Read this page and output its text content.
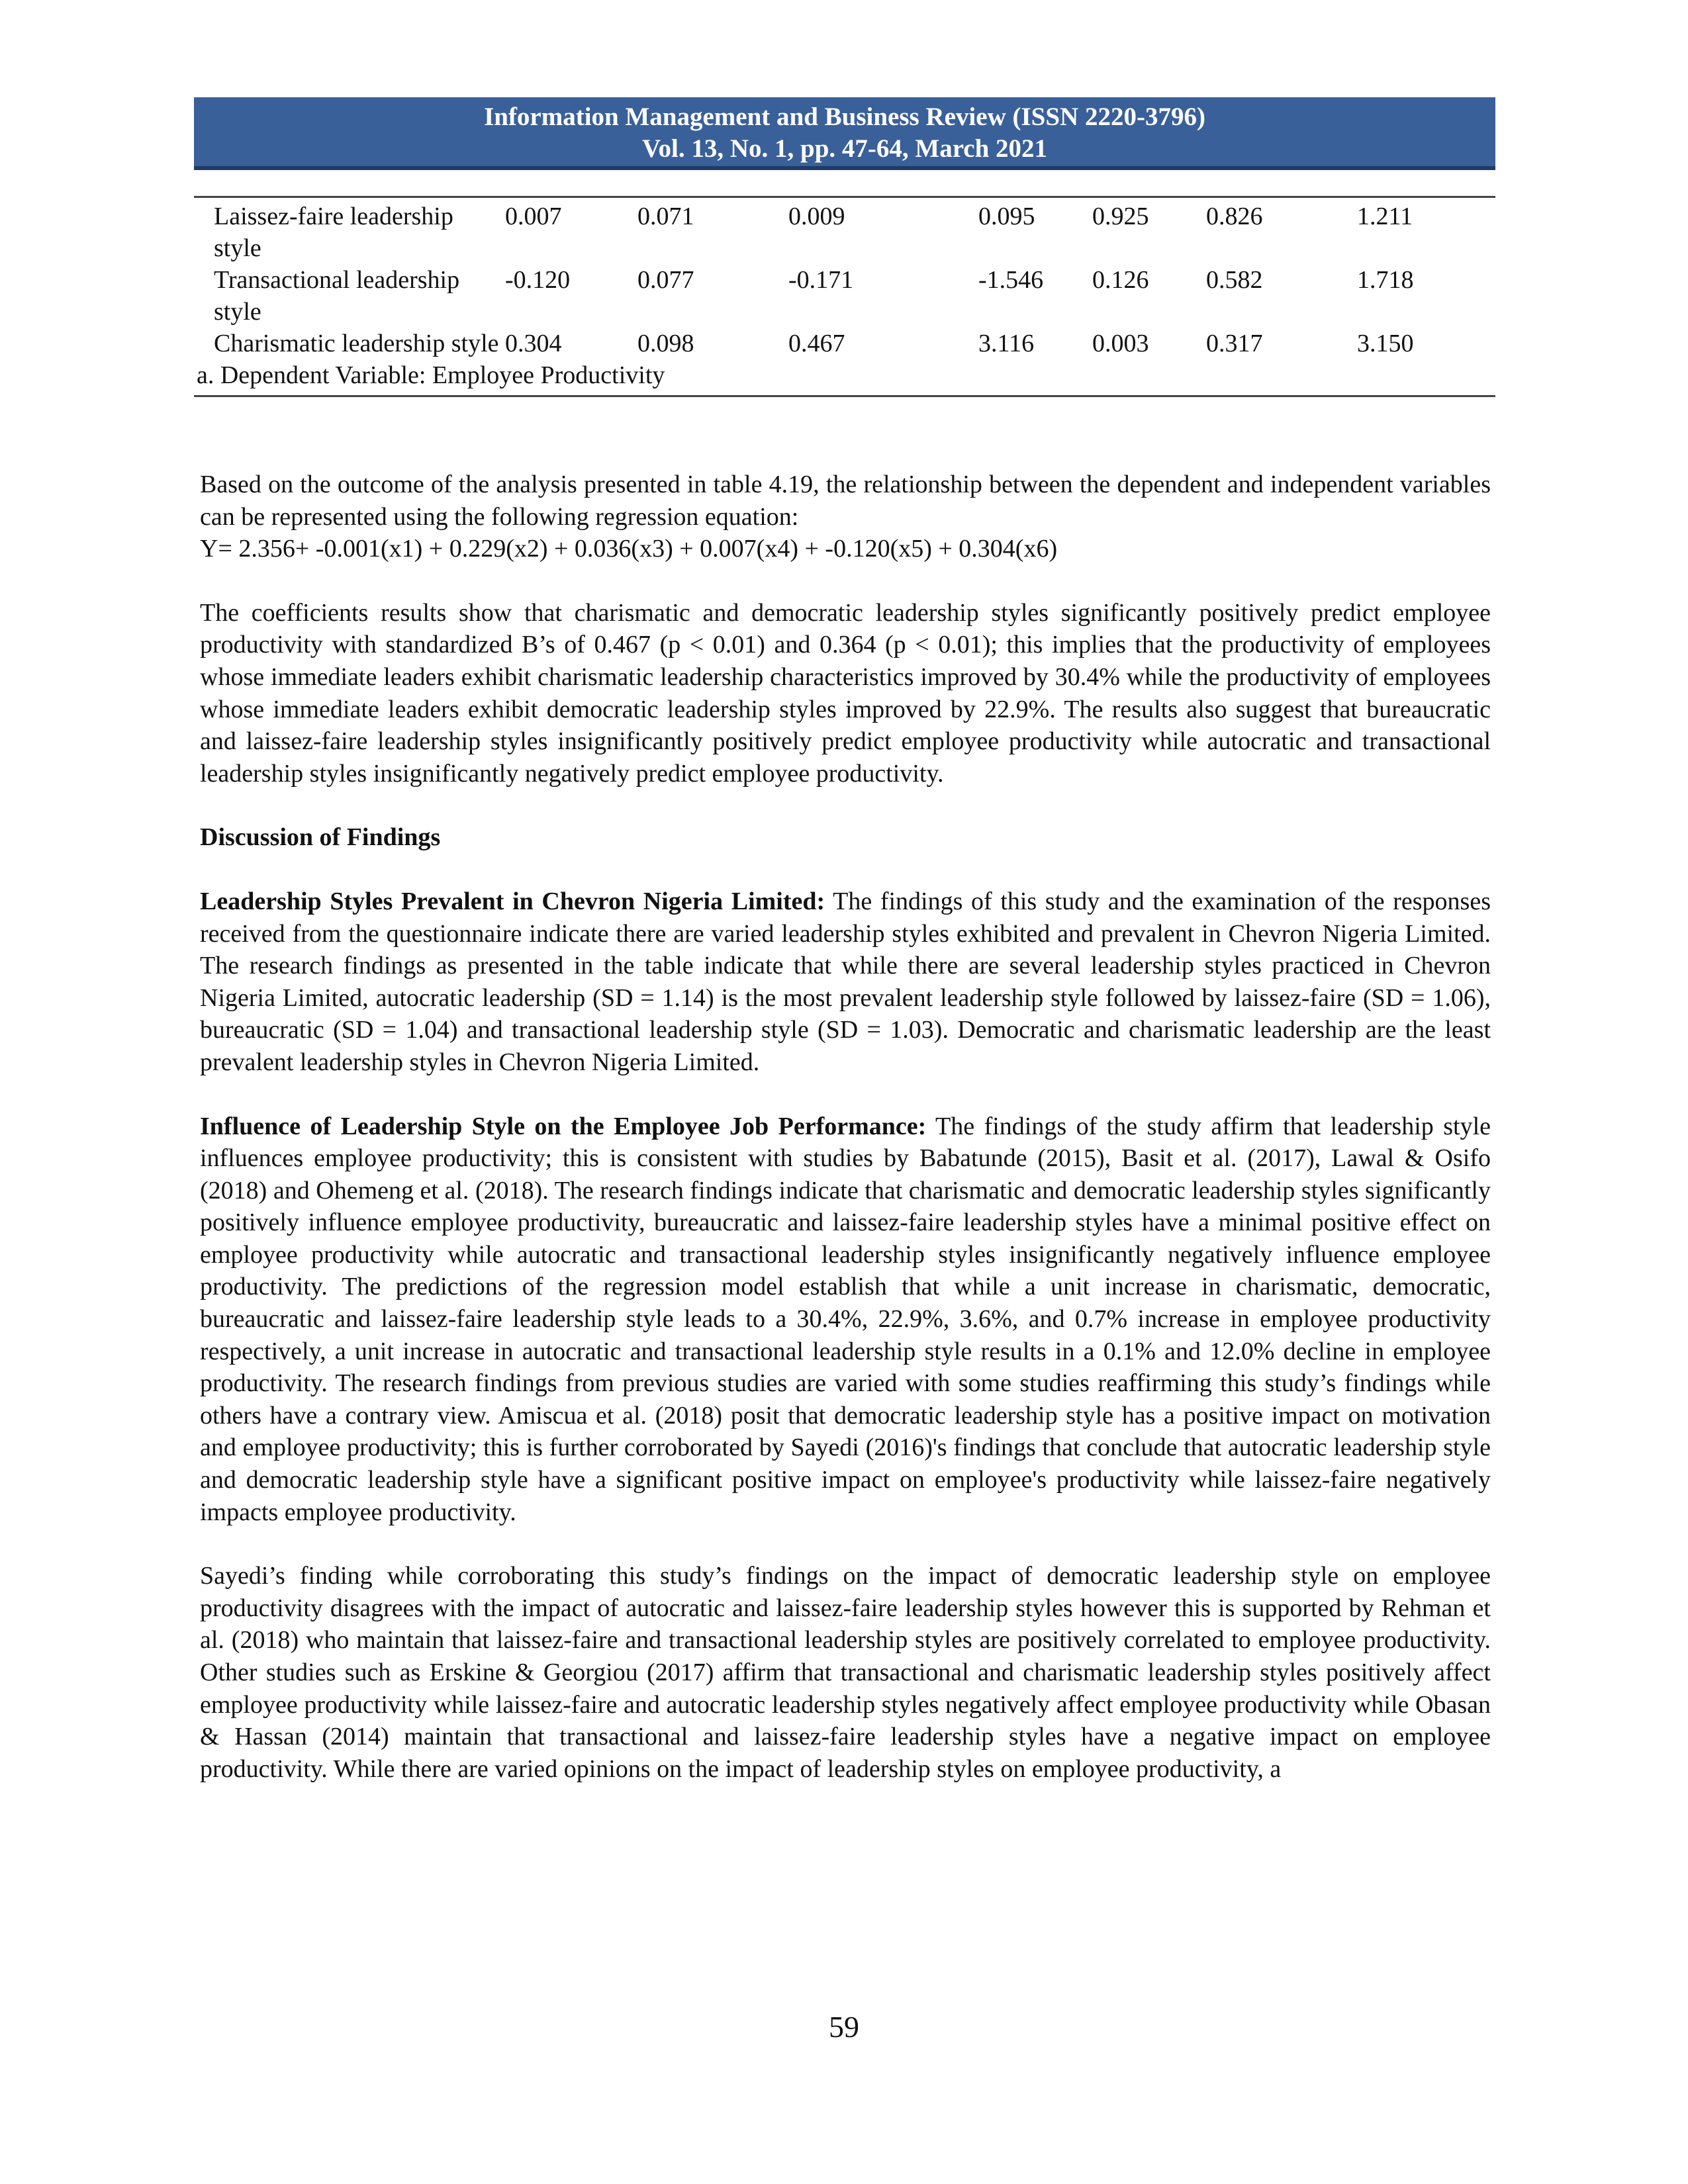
Information Management and Business Review (ISSN 2220-3796)
Vol. 13, No. 1, pp. 47-64, March 2021
Laissez-faire leadership style	0.007	0.071	0.009	0.095	0.925	0.826	1.211
Transactional leadership style	-0.120	0.077	-0.171	-1.546	0.126	0.582	1.718
Charismatic leadership style	0.304	0.098	0.467	3.116	0.003	0.317	3.150
a. Dependent Variable: Employee Productivity

Based on the outcome of the analysis presented in table 4.19, the relationship between the dependent and independent variables can be represented using the following regression equation:

Y= 2.356+ -0.001(x1) + 0.229(x2) + 0.036(x3) + 0.007(x4) + -0.120(x5) + 0.304(x6)

The coefficients results show that charismatic and democratic leadership styles significantly positively predict employee productivity with standardized B’s of 0.467 (p < 0.01) and 0.364 (p < 0.01); this implies that the productivity of employees whose immediate leaders exhibit charismatic leadership characteristics improved by 30.4% while the productivity of employees whose immediate leaders exhibit democratic leadership styles improved by 22.9%. The results also suggest that bureaucratic and laissez-faire leadership styles insignificantly positively predict employee productivity while autocratic and transactional leadership styles insignificantly negatively predict employee productivity.

Discussion of Findings

Leadership Styles Prevalent in Chevron Nigeria Limited: The findings of this study and the examination of the responses received from the questionnaire indicate there are varied leadership styles exhibited and prevalent in Chevron Nigeria Limited. The research findings as presented in the table indicate that while there are several leadership styles practiced in Chevron Nigeria Limited, autocratic leadership (SD = 1.14) is the most prevalent leadership style followed by laissez-faire (SD = 1.06), bureaucratic (SD = 1.04) and transactional leadership style (SD = 1.03). Democratic and charismatic leadership are the least prevalent leadership styles in Chevron Nigeria Limited.

Influence of Leadership Style on the Employee Job Performance: The findings of the study affirm that leadership style influences employee productivity; this is consistent with studies by Babatunde (2015), Basit et al. (2017), Lawal & Osifo (2018) and Ohemeng et al. (2018). The research findings indicate that charismatic and democratic leadership styles significantly positively influence employee productivity, bureaucratic and laissez-faire leadership styles have a minimal positive effect on employee productivity while autocratic and transactional leadership styles insignificantly negatively influence employee productivity. The predictions of the regression model establish that while a unit increase in charismatic, democratic, bureaucratic and laissez-faire leadership style leads to a 30.4%, 22.9%, 3.6%, and 0.7% increase in employee productivity respectively, a unit increase in autocratic and transactional leadership style results in a 0.1% and 12.0% decline in employee productivity. The research findings from previous studies are varied with some studies reaffirming this study’s findings while others have a contrary view. Amiscua et al. (2018) posit that democratic leadership style has a positive impact on motivation and employee productivity; this is further corroborated by Sayedi (2016)'s findings that conclude that autocratic leadership style and democratic leadership style have a significant positive impact on employee's productivity while laissez-faire negatively impacts employee productivity.

Sayedi’s finding while corroborating this study’s findings on the impact of democratic leadership style on employee productivity disagrees with the impact of autocratic and laissez-faire leadership styles however this is supported by Rehman et al. (2018) who maintain that laissez-faire and transactional leadership styles are positively correlated to employee productivity. Other studies such as Erskine & Georgiou (2017) affirm that transactional and charismatic leadership styles positively affect employee productivity while laissez-faire and autocratic leadership styles negatively affect employee productivity while Obasan & Hassan (2014) maintain that transactional and laissez-faire leadership styles have a negative impact on employee productivity. While there are varied opinions on the impact of leadership styles on employee productivity, a

59
